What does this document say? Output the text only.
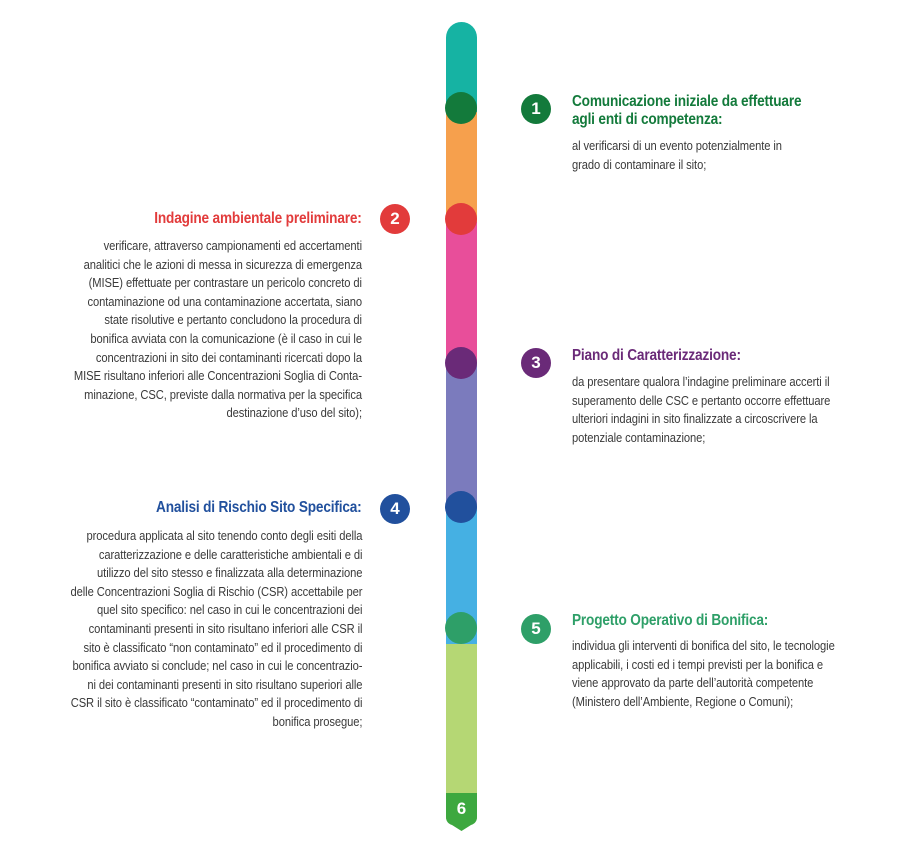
6
1	Comunicazione iniziale da effettuare
agli enti di competenza:
al verificarsi di un evento potenzialmente in
grado di contaminare il sito;
2
Indagine ambientale preliminare:
verificare, attraverso campionamenti ed accertamenti
analitici che le azioni di messa in sicurezza di emergenza
(MISE) effettuate per contrastare un pericolo concreto di
contaminazione od una contaminazione accertata, siano
state risolutive e pertanto concludono la procedura di
bonifica avviata con la comunicazione (è il caso in cui le
concentrazioni in sito dei contaminanti ricercati dopo la
MISE risultano inferiori alle Concentrazioni Soglia di Conta-
minazione, CSC, previste dalla normativa per la specifica
destinazione d’uso del sito);
3	Piano di Caratterizzazione:
da presentare qualora l’indagine preliminare accerti il
superamento delle CSC e pertanto occorre effettuare
ulteriori indagini in sito finalizzate a circoscrivere la
potenziale contaminazione;
4
Analisi di Rischio Sito Specifica:
procedura applicata al sito tenendo conto degli esiti della
caratterizzazione e delle caratteristiche ambientali e di
utilizzo del sito stesso e finalizzata alla determinazione
delle Concentrazioni Soglia di Rischio (CSR) accettabile per
quel sito specifico: nel caso in cui le concentrazioni dei
contaminanti presenti in sito risultano inferiori alle CSR il
sito è classificato “non contaminato” ed il procedimento di
bonifica avviato si conclude; nel caso in cui le concentrazio-
ni dei contaminanti presenti in sito risultano superiori alle
CSR il sito è classificato “contaminato” ed il procedimento di
bonifica prosegue;
5	Progetto Operativo di Bonifica:
individua gli interventi di bonifica del sito, le tecnologie
applicabili, i costi ed i tempi previsti per la bonifica e
viene approvato da parte dell’autorità competente
(Ministero dell’Ambiente, Regione o Comuni);
